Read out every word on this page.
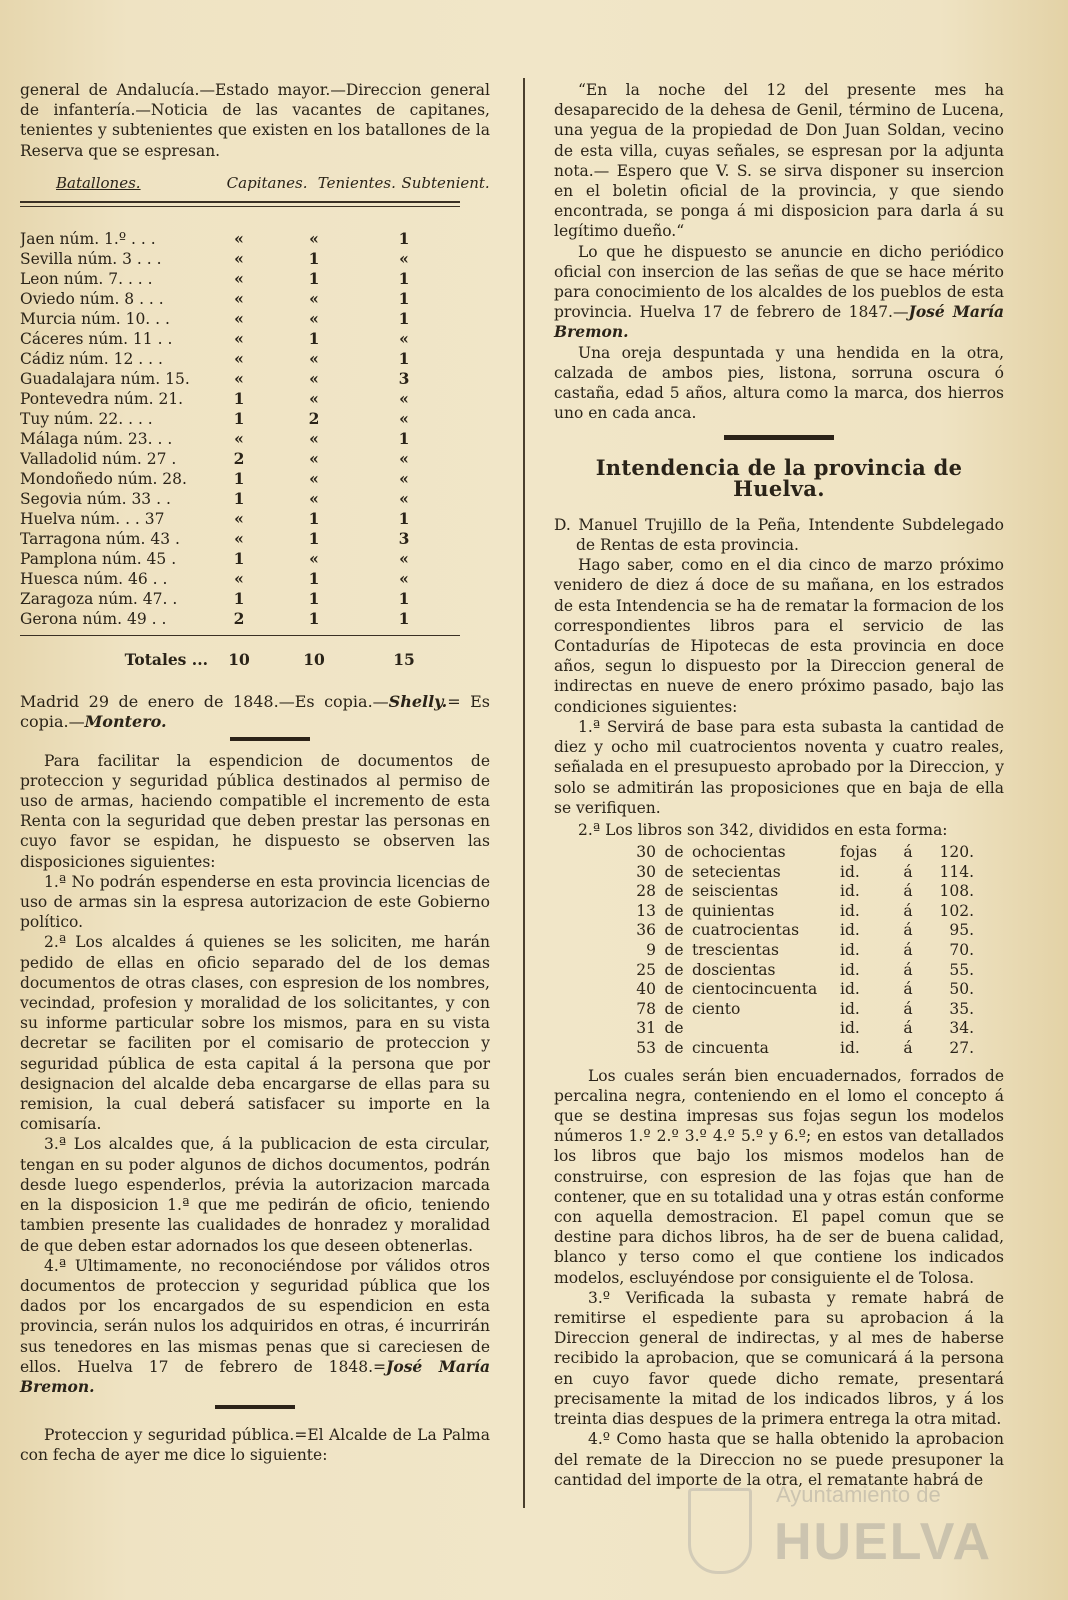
general de Andalucía.—Estado mayor.—Direccion general de infantería.—Noticia de las vacantes de capitanes, tenientes y subtenientes que existen en los batallones de la Reserva que se espresan.

Batallones.	Capitanes. Tenientes. Subtenient.
Jaen núm. 1.º . . .	«	«	1
Sevilla núm. 3 . . .	«	1	«
Leon núm. 7. . . .	«	1	1
Oviedo núm. 8 . . .	«	«	1
Murcia núm. 10. . .	«	«	1
Cáceres núm. 11 . .	«	1	«
Cádiz núm. 12 . . .	«	«	1
Guadalajara núm. 15.	«	«	3
Pontevedra núm. 21.	1	«	«
Tuy núm. 22. . . .	1	2	«
Málaga núm. 23. . .	«	«	1
Valladolid núm. 27 .	2	«	«
Mondoñedo núm. 28.	1	«	«
Segovia núm. 33 . .	1	«	«
Huelva núm. . . 37	«	1	1
Tarragona núm. 43 .	«	1	3
Pamplona núm. 45 .	1	«	«
Huesca núm. 46 . .	«	1	«
Zaragoza núm. 47. .	1	1	1
Gerona núm. 49 . .	2	1	1
Totales ...	10	10	15

Madrid 29 de enero de 1848.—Es copia.—Shelly.= Es copia.—Montero.

Para facilitar la espendicion de documentos de proteccion y seguridad pública destinados al permiso de uso de armas, haciendo compatible el incremento de esta Renta con la seguridad que deben prestar las personas en cuyo favor se espidan, he dispuesto se observen las disposiciones siguientes:

1.ª No podrán espenderse en esta provincia licencias de uso de armas sin la espresa autorizacion de este Gobierno político.

2.ª Los alcaldes á quienes se les soliciten, me harán pedido de ellas en oficio separado del de los demas documentos de otras clases, con espresion de los nombres, vecindad, profesion y moralidad de los solicitantes, y con su informe particular sobre los mismos, para en su vista decretar se faciliten por el comisario de proteccion y seguridad pública de esta capital á la persona que por designacion del alcalde deba encargarse de ellas para su remision, la cual deberá satisfacer su importe en la comisaría.

3.ª Los alcaldes que, á la publicacion de esta circular, tengan en su poder algunos de dichos documentos, podrán desde luego espenderlos, prévia la autorizacion marcada en la disposicion 1.ª que me pedirán de oficio, teniendo tambien presente las cualidades de honradez y moralidad de que deben estar adornados los que deseen obtenerlas.

4.ª Ultimamente, no reconociéndose por válidos otros documentos de proteccion y seguridad pública que los dados por los encargados de su espendicion en esta provincia, serán nulos los adquiridos en otras, é incurrirán sus tenedores en las mismas penas que si careciesen de ellos. Huelva 17 de febrero de 1848.=José María Bremon.

Proteccion y seguridad pública.=El Alcalde de La Palma con fecha de ayer me dice lo siguiente:

“En la noche del 12 del presente mes ha desaparecido de la dehesa de Genil, término de Lucena, una yegua de la propiedad de Don Juan Soldan, vecino de esta villa, cuyas señales, se espresan por la adjunta nota.— Espero que V. S. se sirva disponer su insercion en el boletin oficial de la provincia, y que siendo encontrada, se ponga á mi disposicion para darla á su legítimo dueño.“

Lo que he dispuesto se anuncie en dicho periódico oficial con insercion de las señas de que se hace mérito para conocimiento de los alcaldes de los pueblos de esta provincia. Huelva 17 de febrero de 1847.—José María Bremon.

Una oreja despuntada y una hendida en la otra, calzada de ambos pies, listona, sorruna oscura ó castaña, edad 5 años, altura como la marca, dos hierros uno en cada anca.

Intendencia de la provincia de Huelva.

D. Manuel Trujillo de la Peña, Intendente Subdelegado de Rentas de esta provincia.

Hago saber, como en el dia cinco de marzo próximo venidero de diez á doce de su mañana, en los estrados de esta Intendencia se ha de rematar la formacion de los correspondientes libros para el servicio de las Contadurías de Hipotecas de esta provincia en doce años, segun lo dispuesto por la Direccion general de indirectas en nueve de enero próximo pasado, bajo las condiciones siguientes:

1.ª Servirá de base para esta subasta la cantidad de diez y ocho mil cuatrocientos noventa y cuatro reales, señalada en el presupuesto aprobado por la Direccion, y solo se admitirán las proposiciones que en baja de ella se verifiquen.

2.ª Los libros son 342, divididos en esta forma:

30 de ochocientas	fojas	á	120.
30 de setecientas	id.	á	114.
28 de seiscientas	id.	á	108.
13 de quinientas	id.	á	102.
36 de cuatrocientas	id.	á	95.
9 de trescientas	id.	á	70.
25 de doscientas	id.	á	55.
40 de cientocincuenta	id.	á	50.
78 de ciento	id.	á	35.
31 de	id.	á	34.
53 de cincuenta	id.	á	27.

Los cuales serán bien encuadernados, forrados de percalina negra, conteniendo en el lomo el concepto á que se destina impresas sus fojas segun los modelos números 1.º 2.º 3.º 4.º 5.º y 6.º; en estos van detallados los libros que bajo los mismos modelos han de construirse, con espresion de las fojas que han de contener, que en su totalidad una y otras están conforme con aquella demostracion. El papel comun que se destine para dichos libros, ha de ser de buena calidad, blanco y terso como el que contiene los indicados modelos, escluyéndose por consiguiente el de Tolosa.

3.º Verificada la subasta y remate habrá de remitirse el espediente para su aprobacion á la Direccion general de indirectas, y al mes de haberse recibido la aprobacion, que se comunicará á la persona en cuyo favor quede dicho remate, presentará precisamente la mitad de los indicados libros, y á los treinta dias despues de la primera entrega la otra mitad.

4.º Como hasta que se halla obtenido la aprobacion del remate de la Direccion no se puede presuponer la cantidad del importe de la otra, el rematante habrá de

Ayuntamiento de
HUELVA
